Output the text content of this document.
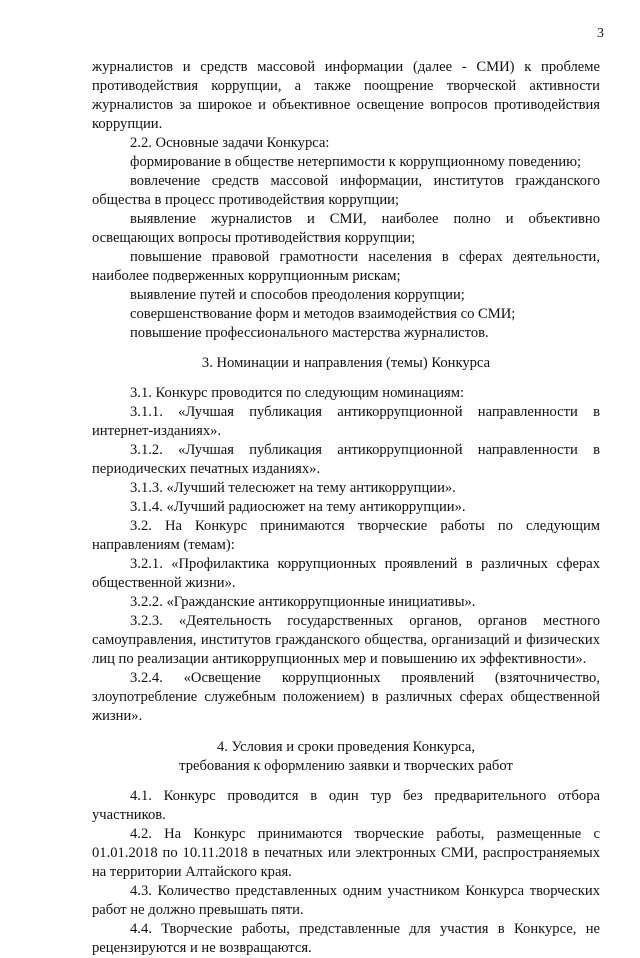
3

журналистов и средств массовой информации (далее - СМИ) к проблеме противодействия коррупции, а также поощрение творческой активности журналистов за широкое и объективное освещение вопросов противодействия коррупции.

2.2. Основные задачи Конкурса:

формирование в обществе нетерпимости к коррупционному поведению;

вовлечение средств массовой информации, институтов гражданского общества в процесс противодействия коррупции;

выявление журналистов и СМИ, наиболее полно и объективно освещающих вопросы противодействия коррупции;

повышение правовой грамотности населения в сферах деятельности, наиболее подверженных коррупционным рискам;

выявление путей и способов преодоления коррупции;

совершенствование форм и методов взаимодействия со СМИ;

повышение профессионального мастерства журналистов.

3. Номинации и направления (темы) Конкурса

3.1. Конкурс проводится по следующим номинациям:

3.1.1. «Лучшая публикация антикоррупционной направленности в интернет-изданиях».

3.1.2. «Лучшая публикация антикоррупционной направленности в периодических печатных изданиях».

3.1.3. «Лучший телесюжет на тему антикоррупции».

3.1.4. «Лучший радиосюжет на тему антикоррупции».

3.2. На Конкурс принимаются творческие работы по следующим направлениям (темам):

3.2.1. «Профилактика коррупционных проявлений в различных сферах общественной жизни».

3.2.2. «Гражданские антикоррупционные инициативы».

3.2.3. «Деятельность государственных органов, органов местного самоуправления, институтов гражданского общества, организаций и физических лиц по реализации антикоррупционных мер и повышению их эффективности».

3.2.4. «Освещение коррупционных проявлений (взяточничество, злоупотребление служебным положением) в различных сферах общественной жизни».

4. Условия и сроки проведения Конкурса,

требования к оформлению заявки и творческих работ

4.1. Конкурс проводится в один тур без предварительного отбора участников.

4.2. На Конкурс принимаются творческие работы, размещенные с 01.01.2018 по 10.11.2018 в печатных или электронных СМИ, распространяемых на территории Алтайского края.

4.3. Количество представленных одним участником Конкурса творческих работ не должно превышать пяти.

4.4. Творческие работы, представленные для участия в Конкурсе, не рецензируются и не возвращаются.
